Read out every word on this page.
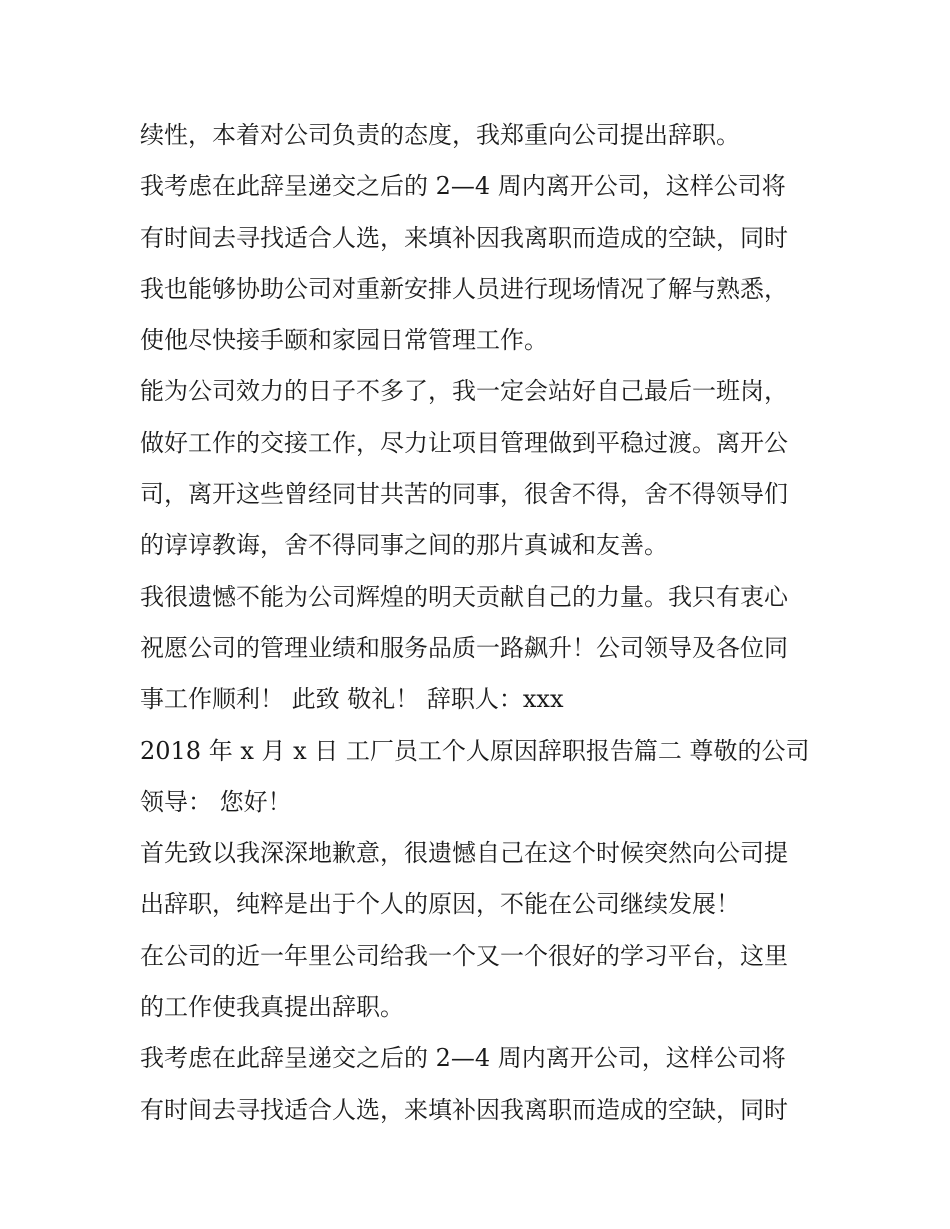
续性，本着对公司负责的态度，我郑重向公司提出辞职。
我考虑在此辞呈递交之后的 2—4 周内离开公司，这样公司将
有时间去寻找适合人选，来填补因我离职而造成的空缺，同时
我也能够协助公司对重新安排人员进行现场情况了解与熟悉，
使他尽快接手颐和家园日常管理工作。
能为公司效力的日子不多了，我一定会站好自己最后一班岗，
做好工作的交接工作，尽力让项目管理做到平稳过渡。离开公
司，离开这些曾经同甘共苦的同事，很舍不得，舍不得领导们
的谆谆教诲，舍不得同事之间的那片真诚和友善。
我很遗憾不能为公司辉煌的明天贡献自己的力量。我只有衷心
祝愿公司的管理业绩和服务品质一路飙升！公司领导及各位同
事工作顺利！ 此致 敬礼！ 辞职人：xxx
2018 年 x 月 x 日 工厂员工个人原因辞职报告篇二 尊敬的公司
领导： 您好！
首先致以我深深地歉意，很遗憾自己在这个时候突然向公司提
出辞职，纯粹是出于个人的原因，不能在公司继续发展！
在公司的近一年里公司给我一个又一个很好的学习平台，这里
的工作使我真提出辞职。
我考虑在此辞呈递交之后的 2—4 周内离开公司，这样公司将
有时间去寻找适合人选，来填补因我离职而造成的空缺，同时
